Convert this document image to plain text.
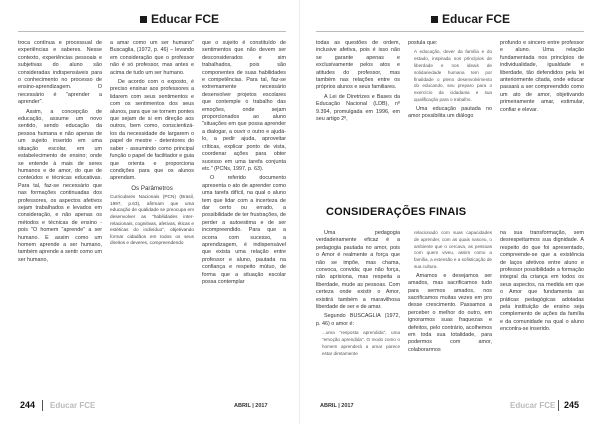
Educar FCE

troca contínua e processual de experiências e saberes. Nesse contexto, experiências pessoais e subjetivas do aluno são consideradas indispensáveis para o conhecimento no processo de ensino-aprendizagem. O necessário é "aprender a aprender".

Assim, a concepção de educação, assume um novo sentido, sendo educação da pessoa humana e não apenas de um sujeito inserido em uma situação escolar, em um estabelecimento de ensino; onde se entende à mais de seres humanos e de amor, do que de conteúdos e técnicas educativas. Para tal, faz-se necessário que nas formações continuadas dos professores, os aspectos afetivos sejam trabalhados e levados em consideração, e não apenas os métodos e técnicas de ensino - pois "O homem "aprende" a ser humano. E assim como um homem aprende a ser humano, também aprende a sentir como um ser humano,

a amar como um ser humano" Buscaglia, (1972, p. 46) – levando em consideração que o professor não é só professor, mas antes e acima de tudo um ser humano.

De acordo com o exposto, é preciso ensinar aos professores a lidarem com seus sentimentos e com os sentimentos dos seus alunos, para que se tornem pontes que sejam de si em direção aos outros, bem como, conscientizá-los da necessidade de largarem o papel de mestre - detentores do saber - assumindo como principal função o papel de facilitador e guia que orienta e proporciona condições para que os alunos aprendam.

Os Parâmetros

Curriculares Nacionais (PCN) (Brasil, 1997, p.63), afirmam que uma educação de qualidade se preocupa em desenvolver as "habilidades inter-relacionais, cognitivas, afetivas, éticas e estéticas do indivíduo", objetivando formar cidadãos em todos os seus direitos e deveres, compreendendo

que o sujeito é constituído de sentimentos que não devem ser desconsiderados e sim trabalhados, pois são componentes de suas habilidades e competências. Para tal, faz-se extremamente necessário desenvolver projetos escolares que contemple o trabalho das emoções, onde sejam proporcionados ao aluno "situações em que possa aprender a dialogar, a ouvir o outro e ajudá-lo, a pedir ajuda, aproveitar críticas, explicar ponto de vista, coordenar ações para obter sucesso em uma tarefa conjunta etc." (PCNs, 1997, p. 63).

O referido documento apresenta o ato de aprender como uma tarefa difícil, na qual o aluno tem que lidar com a incerteza de dar certo ou errado, a possibilidade de ter frustrações, de perder a autoestima e de ser incompreendido. Para que a ocorra com sucesso, a aprendizagem, é indispensável que exista uma relação entre professor e aluno, pautada na confiança e respeito mútuo, de forma que a situação escolar possa contemplar

244 Educar FCE	ABRIL | 2017
Educar FCE

todas as questões de ordem, inclusive afetiva, pois é isso não se garante apenas e exclusivamente pelos atos e atitudes do professor, mas também nas relações entre os próprios alunos e seus familiares.

A Lei de Diretrizes e Bases da Educação Nacional (LDB), nº 9.394, promulgada em 1996, em seu artigo 2º,

postula que:

A educação, dever da família e do estado, inspirada nos princípios de liberdade e nos ideais de solidariedade humana tem por finalidade o pleno desenvolvimento do educando, seu preparo para o exercício da cidadania e sua qualificação para o trabalho.

Uma educação pautada no amor possibilita um diálogo

profundo e sincero entre professor e aluno. Uma relação fundamentada nos princípios de individualidade, igualdade e liberdade, tão defendidos pela lei anteriormente citada, onde educar passará a ser compreendido como um ato de amor, objetivando primeiramente amar, estimular, confiar e elevar.

CONSIDERAÇÕES FINAIS

Uma pedagogia verdadeiramente eficaz é a pedagogia pautada no amor, pois o Amor é realmente a força que não se impõe, mas chama, convoca, convida; que não força, não aprisiona, mas respeita a liberdade, mude as pessoas. Com certeza onde existir o Amor, existirá também a maravilhosa liberdade de ser e de amar.

Segundo BUSCAGLIA (1972, p. 46) o amor é:

...uma "resposta aprendida", uma "emoção aprendida". O modo como o homem aprenderá a amar parece estar diretamente

relacionado com suas capacidades de aprender, com as quais nasceu, o ambiente que o cercava, as pessoas com quem viveu, assim como a família, a extensão e a sofisticação de sua cultura.

Amamos e desejamos ser amados, mas sacrificamos tudo para sermos amados, nos sacrificamos muitas vezes em pro desse crescimento. Passamos a perceber o melhor do outro, em ignorarmos suas fraquezas e defeitos, pelo contrário, acolhemos em toda sua totalidade, para podermos com amor, colaborarmos

na sua transformação, sem desrespeitarmos sua dignidade. A respeito do que foi apresentado, compreende-se que a existência de laços afetivos entre aluno e professor possibilidade a formação integral da criança em todos os seus aspectos, na medida em que o Amor que fundamenta as práticas pedagógicas adotadas pela instituição de ensino seja complemento de ações da família e da comunidade na qual o aluno encontra-se inserido.

ABRIL | 2017	Educar FCE 245
